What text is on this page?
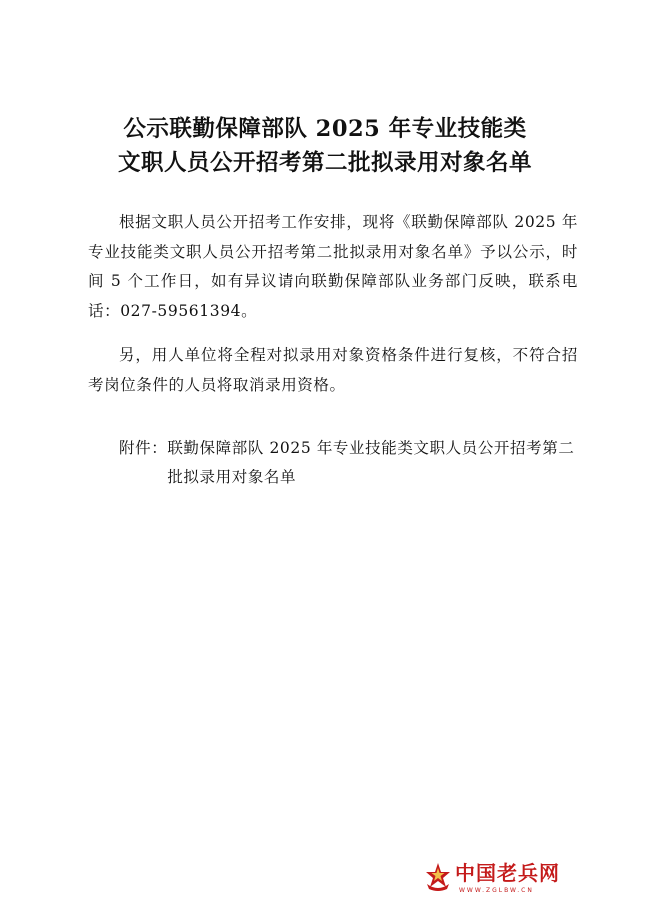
公示联勤保障部队 2025 年专业技能类
文职人员公开招考第二批拟录用对象名单
根据文职人员公开招考工作安排，现将《联勤保障部队 2025 年专业技能类文职人员公开招考第二批拟录用对象名单》予以公示，时间 5 个工作日，如有异议请向联勤保障部队业务部门反映，联系电话：027-59561394。
另，用人单位将全程对拟录用对象资格条件进行复核，不符合招考岗位条件的人员将取消录用资格。
附件： 联勤保障部队 2025 年专业技能类文职人员公开招考第二批拟录用对象名单
中国老兵网
WWW.ZGLBW.CN
